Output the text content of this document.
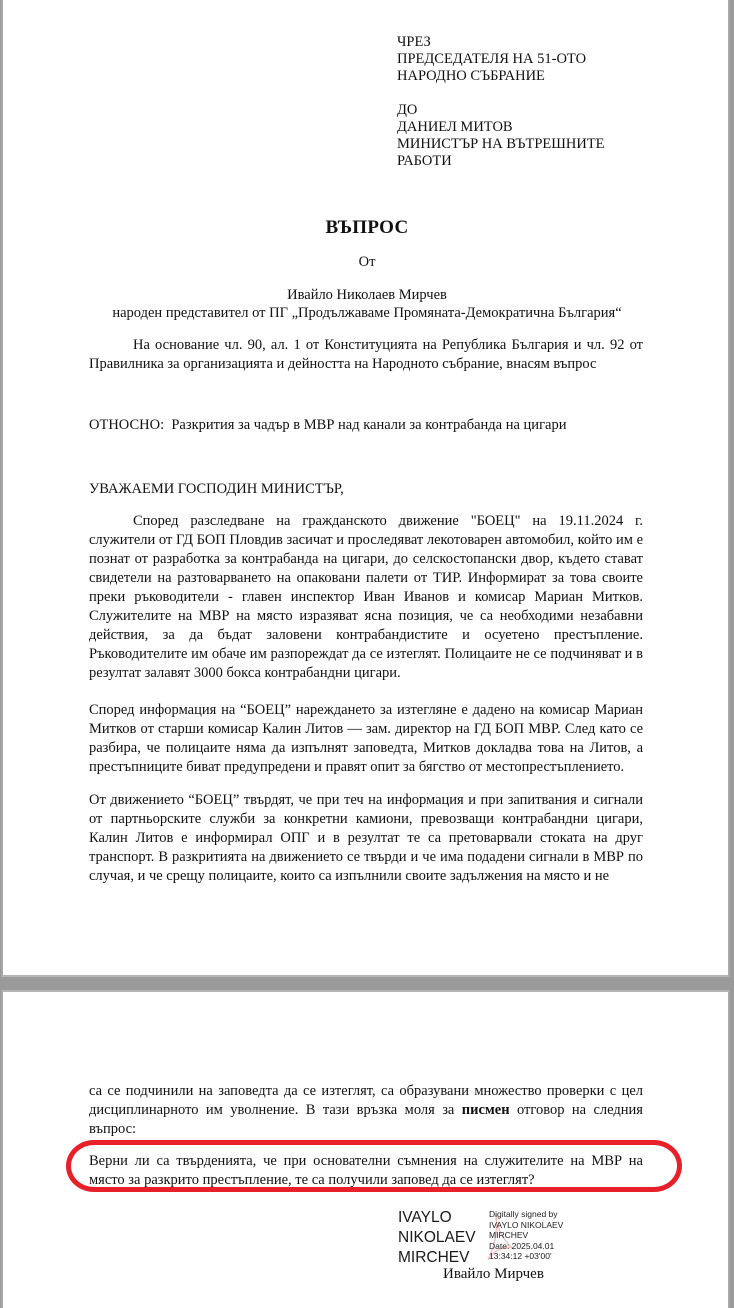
ЧРЕЗ
ПРЕДСЕДАТЕЛЯ НА 51-ОТО
НАРОДНО СЪБРАНИЕ
ДО
ДАНИЕЛ МИТОВ
МИНИСТЪР НА ВЪТРЕШНИТЕ
РАБОТИ
ВЪПРОС
От
Ивайло Николаев Мирчев
народен представител от ПГ „Продължаваме Промяната-Демократична България“
На основание чл. 90, ал. 1 от Конституцията на Република България и чл. 92 от Правилника за организацията и дейността на Народното събрание, внасям въпрос
ОТНОСНО: Разкрития за чадър в МВР над канали за контрабанда на цигари
УВАЖАЕМИ ГОСПОДИН МИНИСТЪР,
Според разследване на гражданското движение "БОЕЦ" на 19.11.2024 г. служители от ГД БОП Пловдив засичат и проследяват лекотоварен автомобил, който им е познат от разработка за контрабанда на цигари, до селскостопански двор, където стават свидетели на разтоварването на опаковани палети от ТИР. Информират за това своите преки ръководители - главен инспектор Иван Иванов и комисар Мариан Митков. Служителите на МВР на място изразяват ясна позиция, че са необходими незабавни действия, за да бъдат заловени контрабандистите и осуетено престъпление. Ръководителите им обаче им разпореждат да се изтеглят. Полицаите не се подчиняват и в резултат залавят 3000 бокса контрабандни цигари.
Според информация на “БОЕЦ” нареждането за изтегляне е дадено на комисар Мариан Митков от старши комисар Калин Литов — зам. директор на ГД БОП МВР. След като се разбира, че полицаите няма да изпълнят заповедта, Митков докладва това на Литов, а престъпниците биват предупредени и правят опит за бягство от местопрестъплението.
От движението “БОЕЦ” твърдят, че при теч на информация и при запитвания и сигнали от партньорските служби за конкретни камиони, превозващи контрабандни цигари, Калин Литов е информирал ОПГ и в резултат те са претоварвали стоката на друг транспорт. В разкритията на движението се твърди и че има подадени сигнали в МВР по случая, и че срещу полицаите, които са изпълнили своите задължения на място и не
са се подчинили на заповедта да се изтеглят, са образувани множество проверки с цел дисциплинарното им уволнение. В тази връзка моля за писмен отговор на следния въпрос:
Верни ли са твърденията, че при основателни съмнения на служителите на МВР на място за разкрито престъпление, те са получили заповед да се изтеглят?
IVAYLO
NIKOLAEV
MIRCHEV
Digitally signed by
IVAYLO NIKOLAEV
MIRCHEV
Date: 2025.04.01
13:34:12 +03'00'
Ивайло Мирчев
